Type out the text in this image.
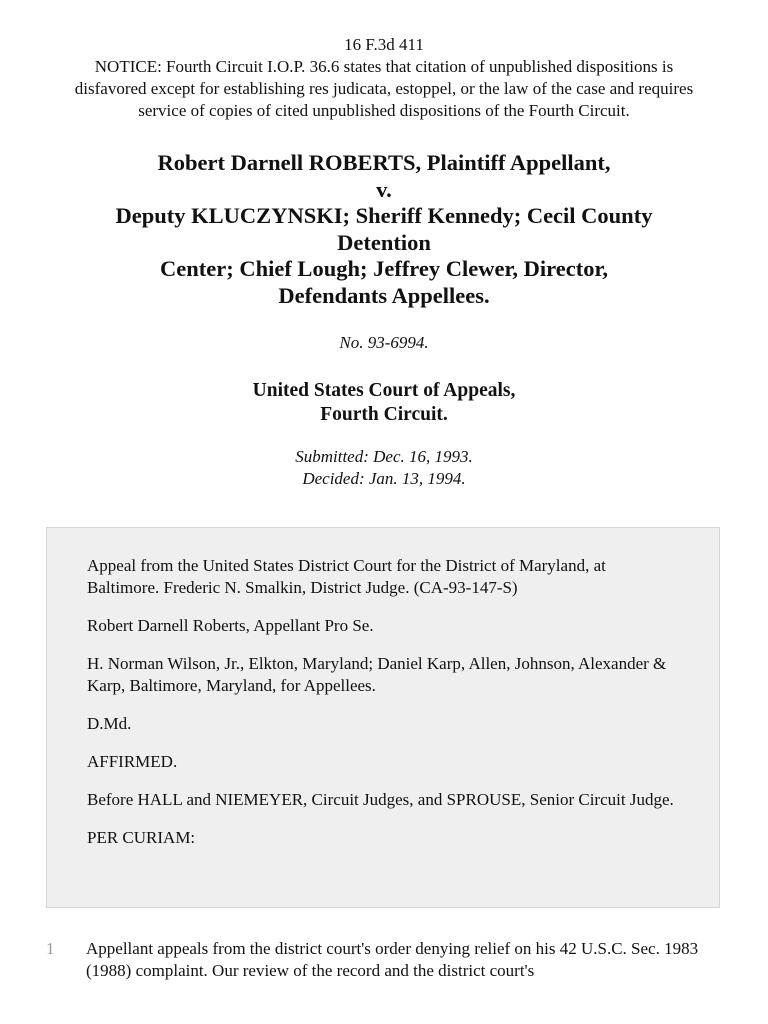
16 F.3d 411
NOTICE: Fourth Circuit I.O.P. 36.6 states that citation of unpublished dispositions is disfavored except for establishing res judicata, estoppel, or the law of the case and requires service of copies of cited unpublished dispositions of the Fourth Circuit.
Robert Darnell ROBERTS, Plaintiff Appellant,
v.
Deputy KLUCZYNSKI; Sheriff Kennedy; Cecil County
Detention
Center; Chief Lough; Jeffrey Clewer, Director,
Defendants Appellees.
No. 93-6994.
United States Court of Appeals,
Fourth Circuit.
Submitted: Dec. 16, 1993.
Decided: Jan. 13, 1994.

Appeal from the United States District Court for the District of Maryland, at Baltimore. Frederic N. Smalkin, District Judge. (CA-93-147-S)

Robert Darnell Roberts, Appellant Pro Se.

H. Norman Wilson, Jr., Elkton, Maryland; Daniel Karp, Allen, Johnson, Alexander & Karp, Baltimore, Maryland, for Appellees.

D.Md.

AFFIRMED.

Before HALL and NIEMEYER, Circuit Judges, and SPROUSE, Senior Circuit Judge.

PER CURIAM:

1 Appellant appeals from the district court's order denying relief on his 42 U.S.C. Sec. 1983 (1988) complaint. Our review of the record and the district court's
